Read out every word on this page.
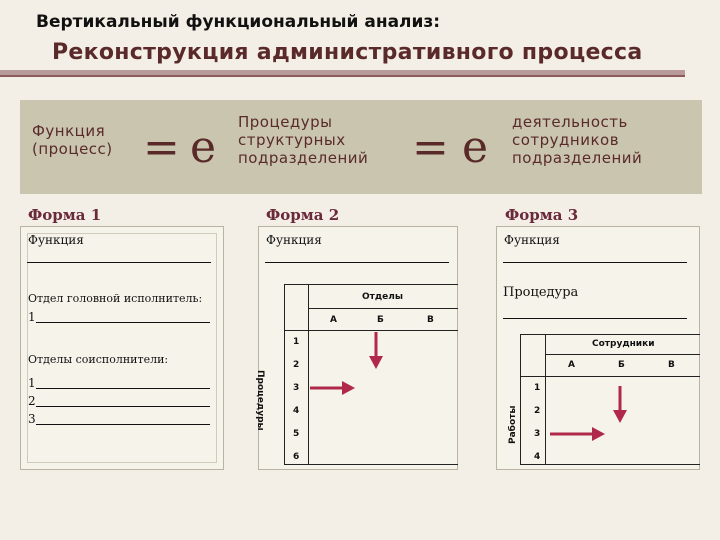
Вертикальный функциональный анализ:
Реконструкция административного процесса
Функция
(процесс) = е Процедуры
структурных
подразделений = е деятельность
сотрудников
подразделений
Форма 1
Функция
Отдел головной исполнитель:
1
Отделы соисполнители:
1
2
3
Форма 2
Функция
Отделы
А	Б	В
Процедуры
1
2
3
4
5
6
Форма 3
Функция
Процедура
Сотрудники
А	Б	В
Работы
1
2
3
4
